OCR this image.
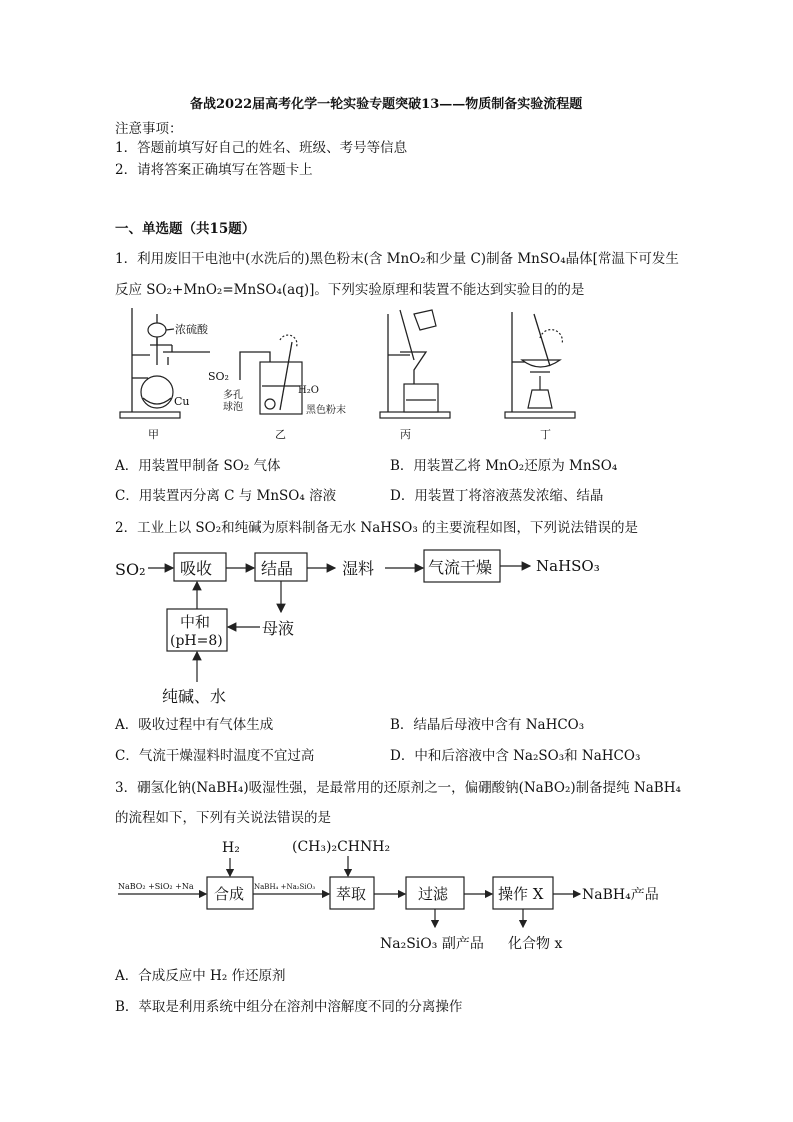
备战2022届高考化学一轮实验专题突破13——物质制备实验流程题
注意事项：
1．答题前填写好自己的姓名、班级、考号等信息
2．请将答案正确填写在答题卡上
一、单选题（共15题）
1．利用废旧干电池中(水洗后的)黑色粉末(含 MnO₂和少量 C)制备 MnSO₄晶体[常温下可发生
反应 SO₂+MnO₂=MnSO₄(aq)]。下列实验原理和装置不能达到实验目的的是
浓硫酸
Cu
甲
SO₂
H₂O
多孔
球泡	黑色粉末
乙	丙	丁
A．用装置甲制备 SO₂ 气体	B．用装置乙将 MnO₂还原为 MnSO₄
C．用装置丙分离 C 与 MnSO₄ 溶液	D．用装置丁将溶液蒸发浓缩、结晶
2．工业上以 SO₂和纯碱为原料制备无水 NaHSO₃ 的主要流程如图，下列说法错误的是
SO₂ 吸收	结晶	湿料	气流干燥	NaHSO₃
母液
中和
(pH=8)
纯碱、水
A．吸收过程中有气体生成	B．结晶后母液中含有 NaHCO₃
C．气流干燥湿料时温度不宜过高	D．中和后溶液中含 Na₂SO₃和 NaHCO₃
3．硼氢化钠(NaBH₄)吸湿性强，是最常用的还原剂之一，偏硼酸钠(NaBO₂)制备提纯 NaBH₄
的流程如下，下列有关说法错误的是
H₂	(CH₃)₂CHNH₂
NaBO₂ +SiO₂ +Na 合成 NaBH₄ +Na₂SiO₃ 萃取	过滤	操作 X	NaBH₄产品
Na₂SiO₃ 副产品 化合物 x
A．合成反应中 H₂ 作还原剂
B．萃取是利用系统中组分在溶剂中溶解度不同的分离操作
